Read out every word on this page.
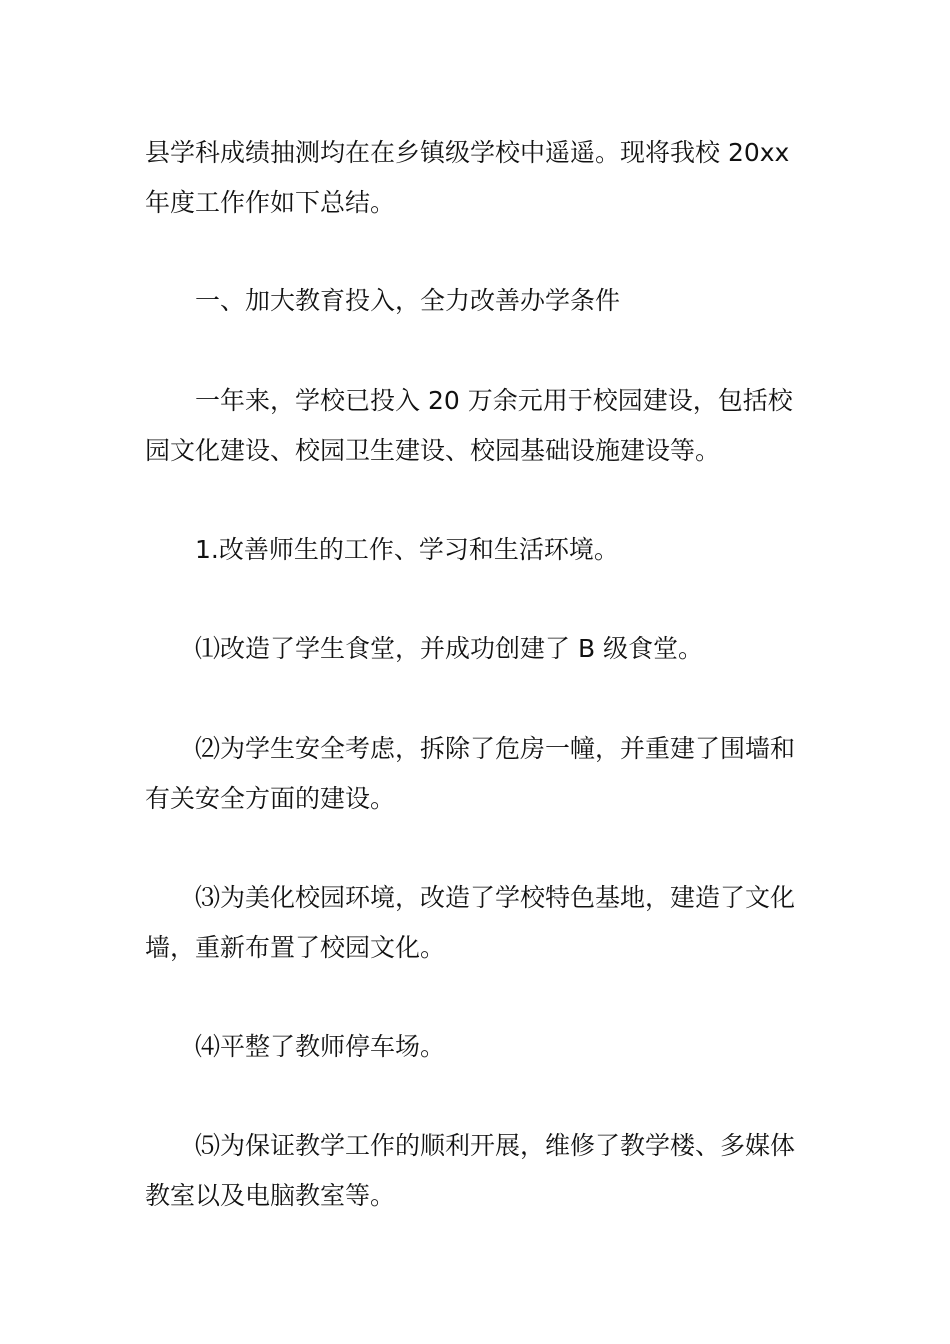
县学科成绩抽测均在在乡镇级学校中遥遥。现将我校 20xx 年度工作作如下总结。

一、加大教育投入，全力改善办学条件

一年来，学校已投入 20 万余元用于校园建设，包括校园文化建设、校园卫生建设、校园基础设施建设等。

1.改善师生的工作、学习和生活环境。

⑴改造了学生食堂，并成功创建了 B 级食堂。

⑵为学生安全考虑，拆除了危房一幢，并重建了围墙和有关安全方面的建设。

⑶为美化校园环境，改造了学校特色基地，建造了文化墙，重新布置了校园文化。

⑷平整了教师停车场。

⑸为保证教学工作的顺利开展，维修了教学楼、多媒体教室以及电脑教室等。
